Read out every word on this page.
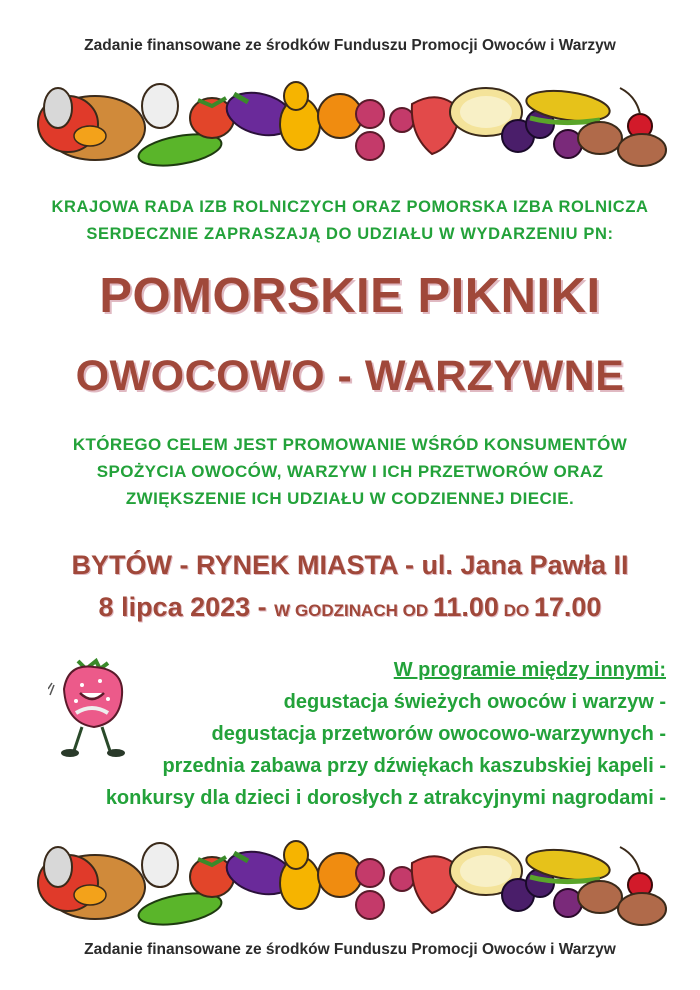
Zadanie finansowane ze środków Funduszu Promocji Owoców i Warzyw
KRAJOWA RADA IZB ROLNICZYCH ORAZ POMORSKA IZBA ROLNICZA
SERDECZNIE ZAPRASZAJĄ DO UDZIAŁU W WYDARZENIU PN:
POMORSKIE PIKNIKI
OWOCOWO - WARZYWNE
KTÓREGO CELEM JEST PROMOWANIE WŚRÓD KONSUMENTÓW
SPOŻYCIA OWOCÓW, WARZYW I ICH PRZETWORÓW ORAZ
ZWIĘKSZENIE ICH UDZIAŁU W CODZIENNEJ DIECIE.
BYTÓW - RYNEK MIASTA - ul. Jana Pawła II
8 lipca 2023 - W GODZINACH OD 11.00 DO 17.00
W programie między innymi:
degustacja świeżych owoców i warzyw -
degustacja przetworów owocowo-warzywnych -
przednia zabawa przy dźwiękach kaszubskiej kapeli -
konkursy dla dzieci i dorosłych z atrakcyjnymi nagrodami -
Zadanie finansowane ze środków Funduszu Promocji Owoców i Warzyw
